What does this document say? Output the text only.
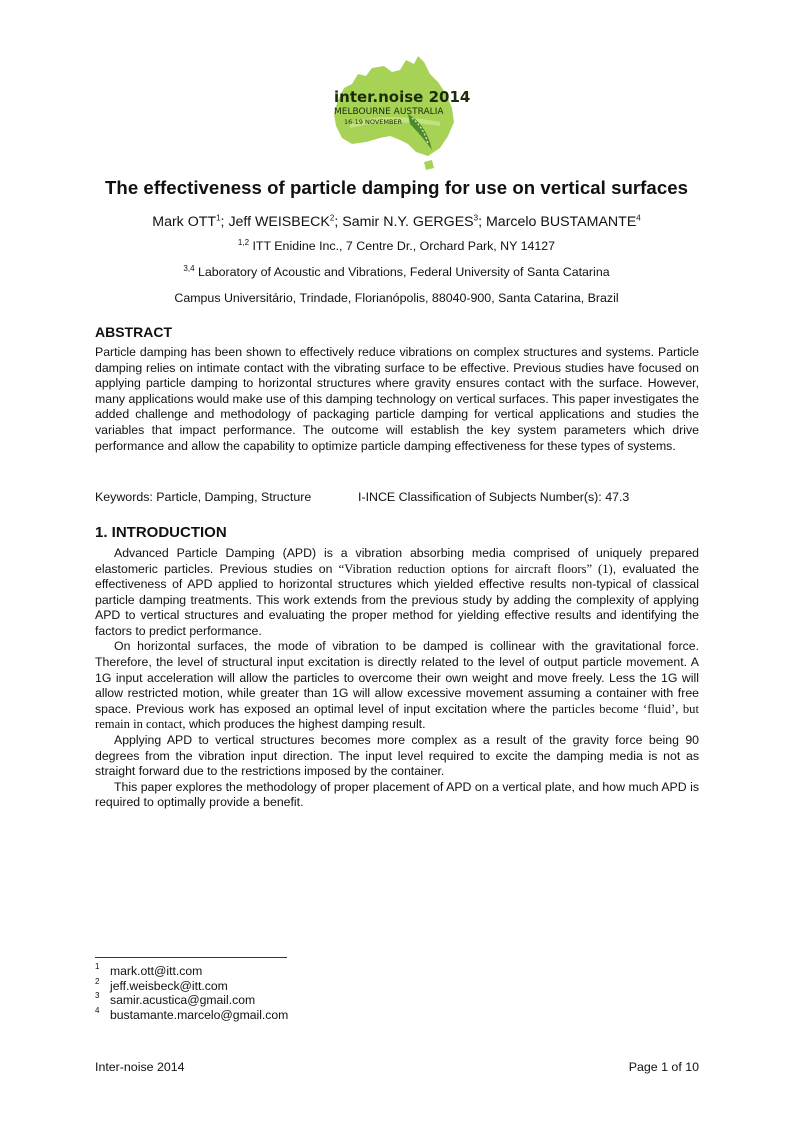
inter.noise 2014
MELBOURNE AUSTRALIA
16-19 NOVEMBER
The effectiveness of particle damping for use on vertical surfaces
Mark OTT$^1$; Jeff WEISBECK$^2$; Samir N.Y. GERGES$^3$; Marcelo BUSTAMANTE$^4$
$^{1,2}$ ITT Enidine Inc., 7 Centre Dr., Orchard Park, NY 14127
$^{3,4}$ Laboratory of Acoustic and Vibrations, Federal University of Santa Catarina
Campus Universitário, Trindade, Florianópolis, 88040-900, Santa Catarina, Brazil
ABSTRACT

Particle damping has been shown to effectively reduce vibrations on complex structures and systems. Particle damping relies on intimate contact with the vibrating surface to be effective. Previous studies have focused on applying particle damping to horizontal structures where gravity ensures contact with the surface. However, many applications would make use of this damping technology on vertical surfaces. This paper investigates the added challenge and methodology of packaging particle damping for vertical applications and studies the variables that impact performance. The outcome will establish the key system parameters which drive performance and allow the capability to optimize particle damping effectiveness for these types of systems.

Keywords: Particle, Damping, Structure	I-INCE Classification of Subjects Number(s): 47.3
1. INTRODUCTION

Advanced Particle Damping (APD) is a vibration absorbing media comprised of uniquely prepared elastomeric particles. Previous studies on “Vibration reduction options for aircraft floors” (1), evaluated the effectiveness of APD applied to horizontal structures which yielded effective results non-typical of classical particle damping treatments. This work extends from the previous study by adding the complexity of applying APD to vertical structures and evaluating the proper method for yielding effective results and identifying the factors to predict performance.

On horizontal surfaces, the mode of vibration to be damped is collinear with the gravitational force. Therefore, the level of structural input excitation is directly related to the level of output particle movement. A 1G input acceleration will allow the particles to overcome their own weight and move freely. Less the 1G will allow restricted motion, while greater than 1G will allow excessive movement assuming a container with free space. Previous work has exposed an optimal level of input excitation where the particles become ‘fluid’, but remain in contact, which produces the highest damping result.

Applying APD to vertical structures becomes more complex as a result of the gravity force being 90 degrees from the vibration input direction. The input level required to excite the damping media is not as straight forward due to the restrictions imposed by the container.

This paper explores the methodology of proper placement of APD on a vertical plate, and how much APD is required to optimally provide a benefit.

1 mark.ott@itt.com
2 jeff.weisbeck@itt.com
3 samir.acustica@gmail.com
4 bustamante.marcelo@gmail.com
Inter-noise 2014	Page 1 of 10
